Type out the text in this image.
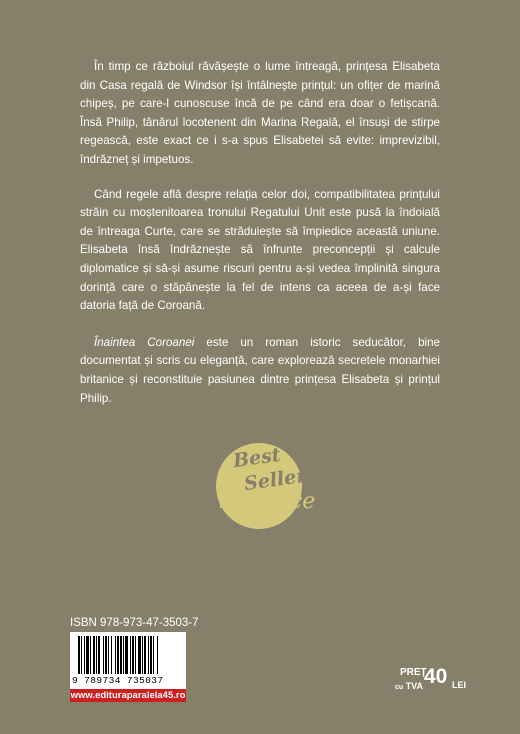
În timp ce războiul răvășește o lume întreagă, prințesa Elisabeta din Casa regală de Windsor își întâlnește prințul: un ofițer de marină chipeș, pe care-l cunoscuse încă de pe când era doar o fetișcană. Însă Philip, tânărul locotenent din Marina Regală, el însuși de stirpe regească, este exact ce i s-a spus Elisabetei să evite: imprevizibil, îndrăzneț și impetuos.

Când regele află despre relația celor doi, compatibilitatea prințului străin cu moștenitoarea tronului Regatului Unit este pusă la îndoială de întreaga Curte, care se străduiește să împiedice această uniune. Elisabeta însă îndrăznește să înfrunte preconcepții și calcule diplomatice și să-și asume riscuri pentru a-și vedea împlinită singura dorință care o stăpânește la fel de intens ca aceea de a-și face datoria față de Coroană.

Înaintea Coroanei este un roman istoric seducător, bine documentat și scris cu eleganță, care explorează secretele monarhiei britanice și reconstituie pasiunea dintre prințesa Elisabeta și prințul Philip.

Best
Seller
romance
ISBN 978-973-47-3503-7
9 789734 735037
www.edituraparalela45.ro
PREȚ
cu TVA 40 LEI
